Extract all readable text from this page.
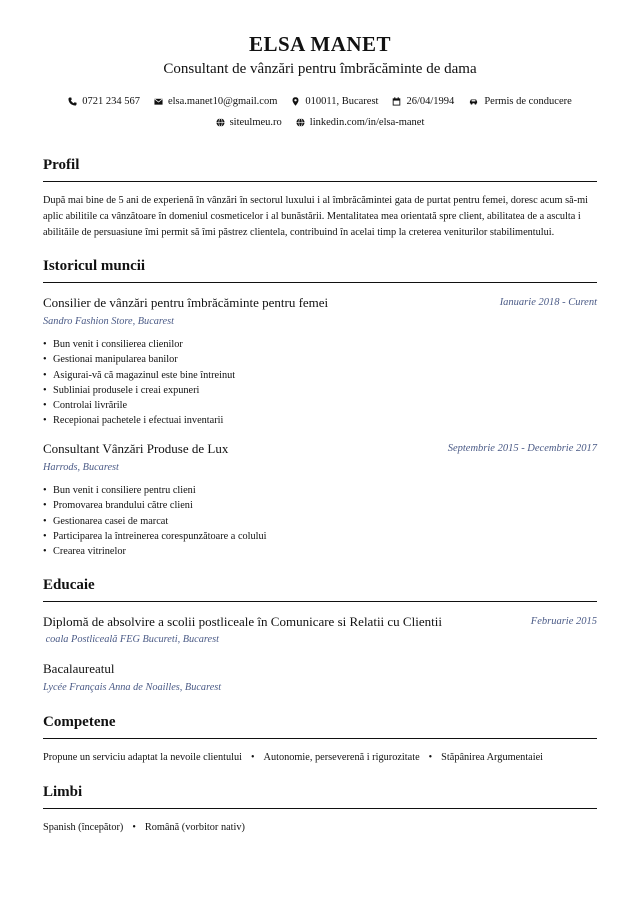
ELSA MANET
Consultant de vânzări pentru îmbrăcăminte de dama
0721 234 567	elsa.manet10@gmail.com	010011, Bucarest	26/04/1994	Permis de conducere
siteulmeu.ro	linkedin.com/in/elsa-manet
Profil
După mai bine de 5 ani de experienă în vânzări în sectorul luxului i al îmbrăcămintei gata de purtat pentru femei, doresc acum să-mi aplic abilitile ca vânzătoare în domeniul cosmeticelor i al bunăstării. Mentalitatea mea orientată spre client, abilitatea de a asculta i abilităile de persuasiune îmi permit să îmi păstrez clientela, contribuind în acelai timp la creterea veniturilor stabilimentului.
Istoricul muncii
Consilier de vânzări pentru îmbrăcăminte pentru femei	Ianuarie 2018 - Curent
Sandro Fashion Store, Bucarest
• Bun venit i consilierea clienilor
• Gestionai manipularea banilor
• Asigurai-vă că magazinul este bine întreinut
• Subliniai produsele i creai expuneri
• Controlai livrările
• Recepionai pachetele i efectuai inventarii
Consultant Vânzări Produse de Lux	Septembrie 2015 - Decembrie 2017
Harrods, Bucarest
• Bun venit i consiliere pentru clieni
• Promovarea brandului către clieni
• Gestionarea casei de marcat
• Participarea la întreinerea corespunzătoare a colului
• Crearea vitrinelor
Educaie
Diplomă de absolvire a scolii postliceale în Comunicare si Relatii cu Clientii	Februarie 2015
coala Postliceală FEG Bucureti, Bucarest
Bacalaureatul
Lycée Français Anna de Noailles, Bucarest
Competene
Propune un serviciu adaptat la nevoile clientului • Autonomie, perseverenă i rigurozitate • Stăpânirea Argumentaiei
Limbi
Spanish (începător) • Română (vorbitor nativ)
